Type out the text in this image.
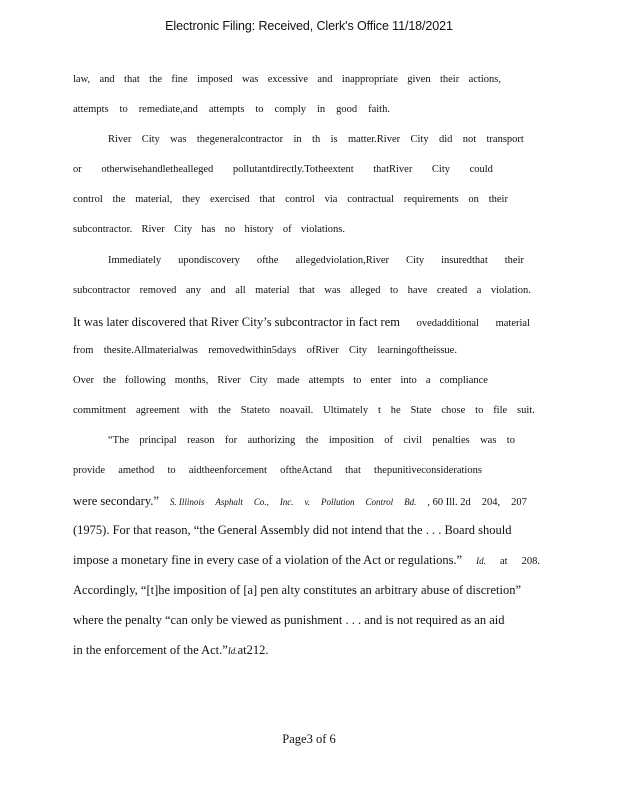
Electronic Filing: Received, Clerk's Office 11/18/2021
law, and that the fine imposed was excessive and inappropriate given their actions,
attempts to remediate,and attempts to comply in good faith.
River City was thegeneralcontractor in th is matter.River City did not transport
or otherwisehandlethealleged pollutantdirectly.Totheextent thatRiver City could
control the material, they exercised that control via contractual requirements on their
subcontractor. River City has no history of violations.
Immediately upondiscovery ofthe allegedviolation,River City insuredthat their
subcontractor removed any and all material that was alleged to have created a violation.
It was later discovered that River City’s subcontractor in fact rem ovedadditional material
from thesite.Allmaterialwas removedwithin5days ofRiver City learningoftheissue.
Over the following months, River City made attempts to enter into a compliance
commitment agreement with the Stateto noavail. Ultimately t he State chose to file suit.
“The principal reason for authorizing the imposition of civil penalties was to
provide amethod to aidtheenforcement oftheActand that thepunitiveconsiderations
were secondary.” S. Illinois Asphalt Co., Inc. v. Pollution Control Bd. , 60 Ill. 2d 204, 207
(1975). For that reason, “the General Assembly did not intend that the . . . Board should
impose a monetary fine in every case of a violation of the Act or regulations.” Id. at 208.
Accordingly, “[t]he imposition of [a] pen alty constitutes an arbitrary abuse of discretion”
where the penalty “can only be viewed as punishment . . . and is not required as an aid
in the enforcement of the Act.”Id.at212.
Page3 of 6
